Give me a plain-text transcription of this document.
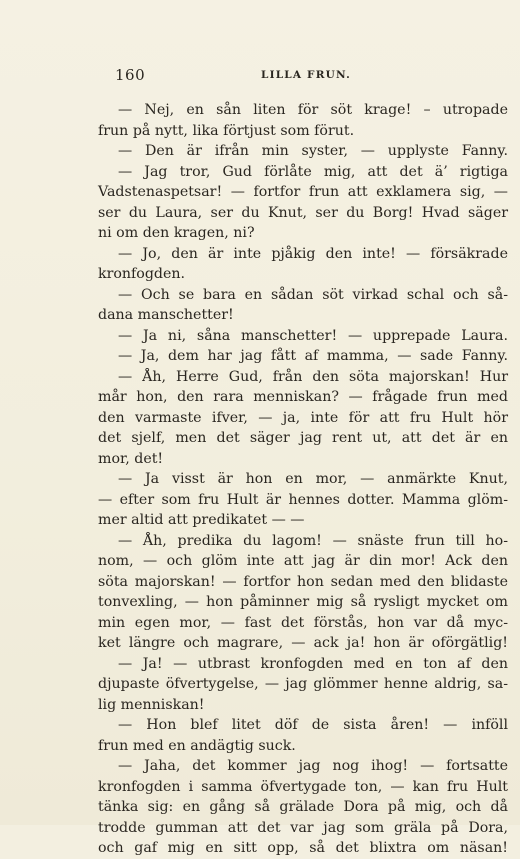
160	LILLA FRUN.
— Nej, en sån liten för söt krage! – utropade
frun på nytt, lika förtjust som förut.
— Den är ifrån min syster, — upplyste Fanny.
— Jag tror, Gud förlåte mig, att det ä’ rigtiga
Vadstenaspetsar! — fortfor frun att exklamera sig, —
ser du Laura, ser du Knut, ser du Borg! Hvad säger
ni om den kragen, ni?
— Jo, den är inte pjåkig den inte! — försäkrade
kronfogden.
— Och se bara en sådan söt virkad schal och så-
dana manschetter!
— Ja ni, såna manschetter! — upprepade Laura.
— Ja, dem har jag fått af mamma, — sade Fanny.
— Åh, Herre Gud, från den söta majorskan! Hur
mår hon, den rara menniskan? — frågade frun med
den varmaste ifver, — ja, inte för att fru Hult hör
det sjelf, men det säger jag rent ut, att det är en
mor, det!
— Ja visst är hon en mor, — anmärkte Knut,
— efter som fru Hult är hennes dotter. Mamma glöm-
mer altid att predikatet — —
— Åh, predika du lagom! — snäste frun till ho-
nom, — och glöm inte att jag är din mor! Ack den
söta majorskan! — fortfor hon sedan med den blidaste
tonvexling, — hon påminner mig så rysligt mycket om
min egen mor, — fast det förstås, hon var då myc-
ket längre och magrare, — ack ja! hon är oförgätlig!
— Ja! — utbrast kronfogden med en ton af den
djupaste öfvertygelse, — jag glömmer henne aldrig, sa-
lig menniskan!
— Hon blef litet döf de sista åren! — inföll
frun med en andägtig suck.
— Jaha, det kommer jag nog ihog! — fortsatte
kronfogden i samma öfvertygade ton, — kan fru Hult
tänka sig: en gång så grälade Dora på mig, och då
trodde gumman att det var jag som gräla på Dora,
och gaf mig en sitt opp, så det blixtra om näsan!
